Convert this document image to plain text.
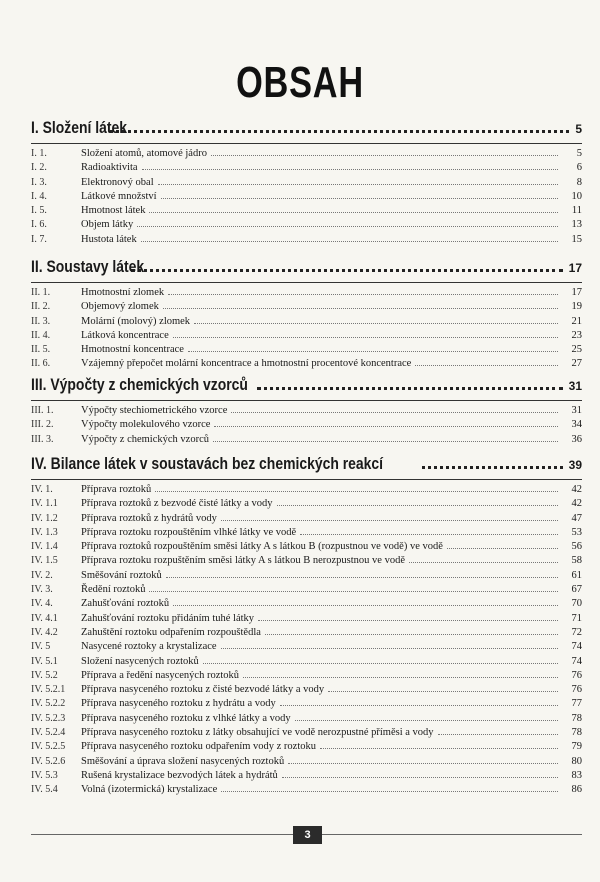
OBSAH
I. Složení látek	5
I. 1.	Složení atomů, atomové jádro	5
I. 2.	Radioaktivita	6
I. 3.	Elektronový obal	8
I. 4.	Látkové množství	10
I. 5.	Hmotnost látek	11
I. 6.	Objem látky	13
I. 7.	Hustota látek	15
II. Soustavy látek	17
II. 1.	Hmotnostní zlomek	17
II. 2.	Objemový zlomek	19
II. 3.	Molární (molový) zlomek	21
II. 4.	Látková koncentrace	23
II. 5.	Hmotnostní koncentrace	25
II. 6.	Vzájemný přepočet molární koncentrace a hmotnostní procentové koncentrace	27
III. Výpočty z chemických vzorců	31
III. 1.	Výpočty stechiometrického vzorce	31
III. 2.	Výpočty molekulového vzorce	34
III. 3.	Výpočty z chemických vzorců	36
IV. Bilance látek v soustavách bez chemických reakcí	39
IV. 1.	Příprava roztoků	42
IV. 1.1	Příprava roztoků z bezvodé čisté látky a vody	42
IV. 1.2	Příprava roztoků z hydrátů vody	47
IV. 1.3	Příprava roztoku rozpouštěním vlhké látky ve vodě	53
IV. 1.4	Příprava roztoků rozpouštěním směsi látky A s látkou B (rozpustnou ve vodě) ve vodě	56
IV. 1.5	Příprava roztoku rozpuštěním směsi látky A s látkou B nerozpustnou ve vodě	58
IV. 2.	Směšování roztoků	61
IV. 3.	Ředění roztoků	67
IV. 4.	Zahušťování roztoků	70
IV. 4.1	Zahušťování roztoku přidáním tuhé látky	71
IV. 4.2	Zahuštění roztoku odpařením rozpouštědla	72
IV. 5	Nasycené roztoky a krystalizace	74
IV. 5.1	Složení nasycených roztoků	74
IV. 5.2	Příprava a ředění nasycených roztoků	76
IV. 5.2.1	Příprava nasyceného roztoku z čisté bezvodé látky a vody	76
IV. 5.2.2	Příprava nasyceného roztoku z hydrátu a vody	77
IV. 5.2.3	Příprava nasyceného roztoku z vlhké látky a vody	78
IV. 5.2.4	Příprava nasyceného roztoku z látky obsahující ve vodě nerozpustné příměsi a vody	78
IV. 5.2.5	Příprava nasyceného roztoku odpařením vody z roztoku	79
IV. 5.2.6	Směšování a úprava složení nasycených roztoků	80
IV. 5.3	Rušená krystalizace bezvodých látek a hydrátů	83
IV. 5.4	Volná (izotermická) krystalizace	86
3
